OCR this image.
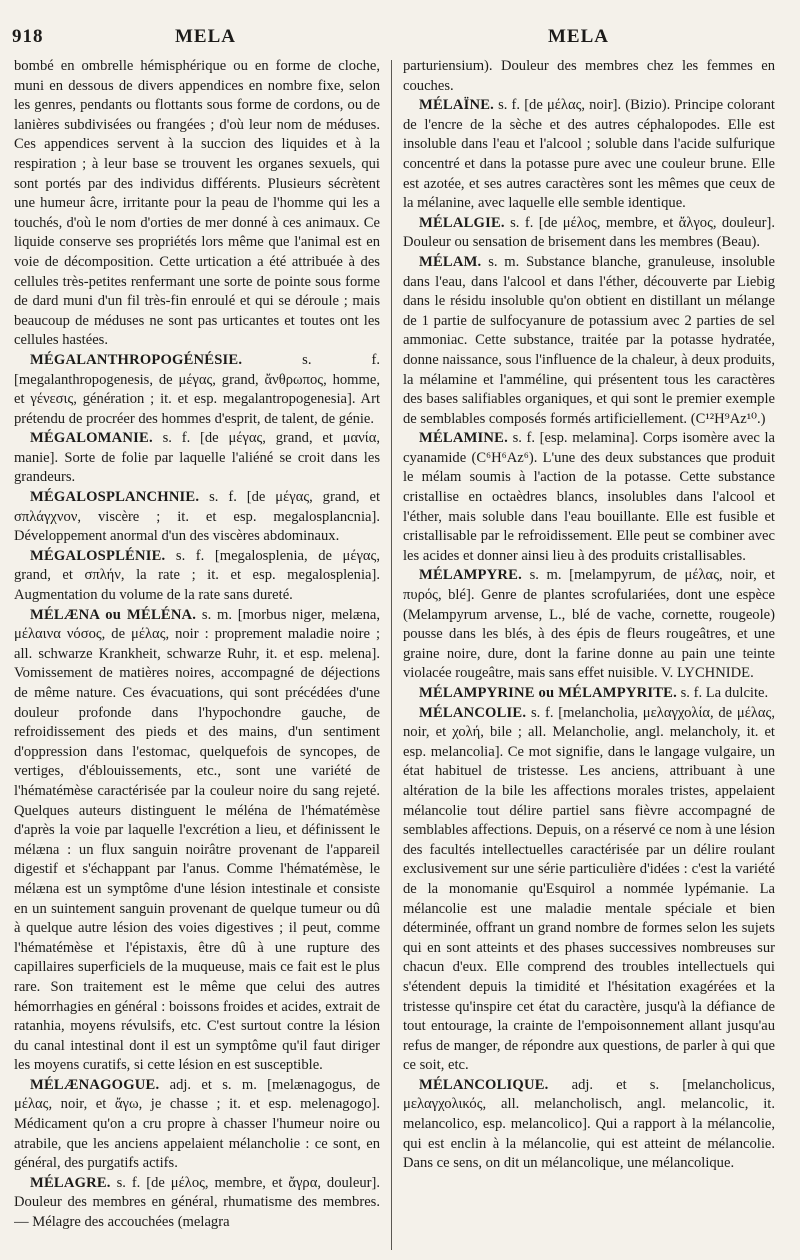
918	MELA	MELA

bombé en ombrelle hémisphérique ou en forme de cloche, muni en dessous de divers appendices en nombre fixe, selon les genres, pendants ou flottants sous forme de cordons, ou de lanières subdivisées ou frangées ; d'où leur nom de méduses. Ces appendices servent à la succion des liquides et à la respiration ; à leur base se trouvent les organes sexuels, qui sont portés par des individus différents. Plusieurs sécrètent une humeur âcre, irritante pour la peau de l'homme qui les a touchés, d'où le nom d'orties de mer donné à ces animaux. Ce liquide conserve ses propriétés lors même que l'animal est en voie de décomposition. Cette urtication a été attribuée à des cellules très-petites renfermant une sorte de pointe sous forme de dard muni d'un fil très-fin enroulé et qui se déroule ; mais beaucoup de méduses ne sont pas urticantes et toutes ont les cellules hastées.

MÉGALANTHROPOGÉNÉSIE. s. f. [megalanthropogenesis, de μέγας, grand, ἄνθρωπος, homme, et γένεσις, génération ; it. et esp. megalantropogenesia]. Art prétendu de procréer des hommes d'esprit, de talent, de génie.

MÉGALOMANIE. s. f. [de μέγας, grand, et μανία, manie]. Sorte de folie par laquelle l'aliéné se croit dans les grandeurs.

MÉGALOSPLANCHNIE. s. f. [de μέγας, grand, et σπλάγχνον, viscère ; it. et esp. megalosplancnia]. Développement anormal d'un des viscères abdominaux.

MÉGALOSPLÉNIE. s. f. [megalosplenia, de μέγας, grand, et σπλήν, la rate ; it. et esp. megalosplenia]. Augmentation du volume de la rate sans dureté.

MÉLÆNA ou MÉLÉNA. s. m. [morbus niger, melæna, μέλαινα νόσος, de μέλας, noir : proprement maladie noire ; all. schwarze Krankheit, schwarze Ruhr, it. et esp. melena]. Vomissement de matières noires, accompagné de déjections de même nature. Ces évacuations, qui sont précédées d'une douleur profonde dans l'hypochondre gauche, de refroidissement des pieds et des mains, d'un sentiment d'oppression dans l'estomac, quelquefois de syncopes, de vertiges, d'éblouissements, etc., sont une variété de l'hématémèse caractérisée par la couleur noire du sang rejeté. Quelques auteurs distinguent le méléna de l'hématémèse d'après la voie par laquelle l'excrétion a lieu, et définissent le mélæna : un flux sanguin noirâtre provenant de l'appareil digestif et s'échappant par l'anus. Comme l'hématémèse, le mélæna est un symptôme d'une lésion intestinale et consiste en un suintement sanguin provenant de quelque tumeur ou dû à quelque autre lésion des voies digestives ; il peut, comme l'hématémèse et l'épistaxis, être dû à une rupture des capillaires superficiels de la muqueuse, mais ce fait est le plus rare. Son traitement est le même que celui des autres hémorrhagies en général : boissons froides et acides, extrait de ratanhia, moyens révulsifs, etc. C'est surtout contre la lésion du canal intestinal dont il est un symptôme qu'il faut diriger les moyens curatifs, si cette lésion en est susceptible.

MÉLÆNAGOGUE. adj. et s. m. [melænagogus, de μέλας, noir, et ἄγω, je chasse ; it. et esp. melenagogo]. Médicament qu'on a cru propre à chasser l'humeur noire ou atrabile, que les anciens appelaient mélancholie : ce sont, en général, des purgatifs actifs.

MÉLAGRE. s. f. [de μέλος, membre, et ἄγρα, douleur]. Douleur des membres en général, rhumatisme des membres. — Mélagre des accouchées (melagra

parturiensium). Douleur des membres chez les femmes en couches.

MÉLAÏNE. s. f. [de μέλας, noir]. (Bizio). Principe colorant de l'encre de la sèche et des autres céphalopodes. Elle est insoluble dans l'eau et l'alcool ; soluble dans l'acide sulfurique concentré et dans la potasse pure avec une couleur brune. Elle est azotée, et ses autres caractères sont les mêmes que ceux de la mélanine, avec laquelle elle semble identique.

MÉLALGIE. s. f. [de μέλος, membre, et ἄλγος, douleur]. Douleur ou sensation de brisement dans les membres (Beau).

MÉLAM. s. m. Substance blanche, granuleuse, insoluble dans l'eau, dans l'alcool et dans l'éther, découverte par Liebig dans le résidu insoluble qu'on obtient en distillant un mélange de 1 partie de sulfocyanure de potassium avec 2 parties de sel ammoniac. Cette substance, traitée par la potasse hydratée, donne naissance, sous l'influence de la chaleur, à deux produits, la mélamine et l'amméline, qui présentent tous les caractères des bases salifiables organiques, et qui sont le premier exemple de semblables composés formés artificiellement. (C¹²H⁹Az¹⁰.)

MÉLAMINE. s. f. [esp. melamina]. Corps isomère avec la cyanamide (C⁶H⁶Az⁶). L'une des deux substances que produit le mélam soumis à l'action de la potasse. Cette substance cristallise en octaèdres blancs, insolubles dans l'alcool et l'éther, mais soluble dans l'eau bouillante. Elle est fusible et cristallisable par le refroidissement. Elle peut se combiner avec les acides et donner ainsi lieu à des produits cristallisables.

MÉLAMPYRE. s. m. [melampyrum, de μέλας, noir, et πυρός, blé]. Genre de plantes scrofulariées, dont une espèce (Melampyrum arvense, L., blé de vache, cornette, rougeole) pousse dans les blés, à des épis de fleurs rougeâtres, et une graine noire, dure, dont la farine donne au pain une teinte violacée rougeâtre, mais sans effet nuisible. V. LYCHNIDE.

MÉLAMPYRINE ou MÉLAMPYRITE. s. f. La dulcite.

MÉLANCOLIE. s. f. [melancholia, μελαγχολία, de μέλας, noir, et χολή, bile ; all. Melancholie, angl. melancholy, it. et esp. melancolia]. Ce mot signifie, dans le langage vulgaire, un état habituel de tristesse. Les anciens, attribuant à une altération de la bile les affections morales tristes, appelaient mélancolie tout délire partiel sans fièvre accompagné de semblables affections. Depuis, on a réservé ce nom à une lésion des facultés intellectuelles caractérisée par un délire roulant exclusivement sur une série particulière d'idées : c'est la variété de la monomanie qu'Esquirol a nommée lypémanie. La mélancolie est une maladie mentale spéciale et bien déterminée, offrant un grand nombre de formes selon les sujets qui en sont atteints et des phases successives nombreuses sur chacun d'eux. Elle comprend des troubles intellectuels qui s'étendent depuis la timidité et l'hésitation exagérées et la tristesse qu'inspire cet état du caractère, jusqu'à la défiance de tout entourage, la crainte de l'empoisonnement allant jusqu'au refus de manger, de répondre aux questions, de parler à qui que ce soit, etc.

MÉLANCOLIQUE. adj. et s. [melancholicus, μελαγχολικός, all. melancholisch, angl. melancolic, it. melancolico, esp. melancolico]. Qui a rapport à la mélancolie, qui est enclin à la mélancolie, qui est atteint de mélancolie. Dans ce sens, on dit un mélancolique, une mélancolique.
